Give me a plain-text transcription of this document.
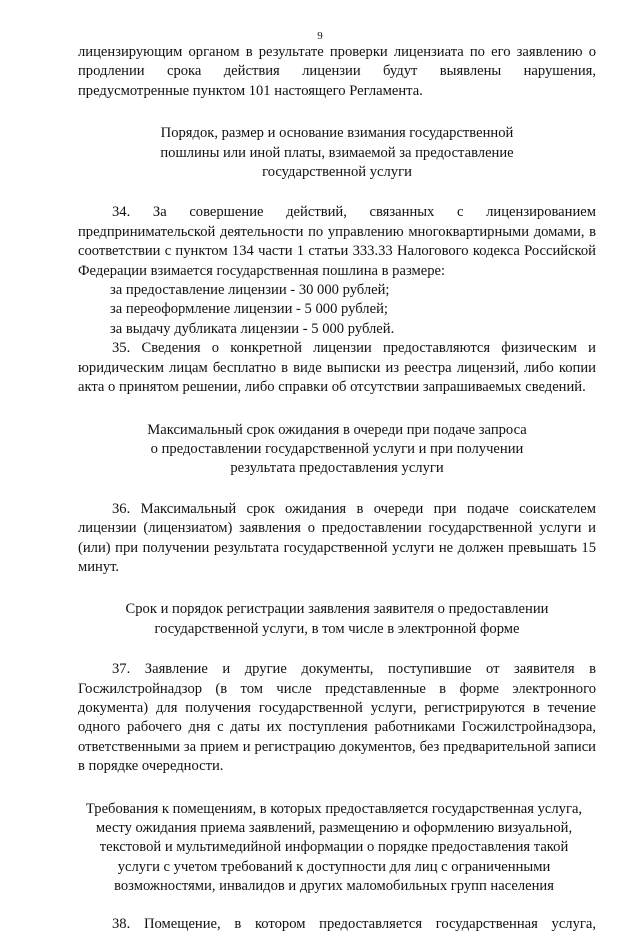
9

лицензирующим органом в результате проверки лицензиата по его заявлению о продлении срока действия лицензии будут выявлены нарушения, предусмотренные пунктом 101 настоящего Регламента.

Порядок, размер и основание взимания государственной

пошлины или иной платы, взимаемой за предоставление

государственной услуги

34. За совершение действий, связанных с лицензированием предпринимательской деятельности по управлению многоквартирными домами, в соответствии с пунктом 134 части 1 статьи 333.33 Налогового кодекса Российской Федерации взимается государственная пошлина в размере:

за предоставление лицензии - 30 000 рублей;

за переоформление лицензии - 5 000 рублей;

за выдачу дубликата лицензии - 5 000 рублей.

35. Сведения о конкретной лицензии предоставляются физическим и юридическим лицам бесплатно в виде выписки из реестра лицензий, либо копии акта о принятом решении, либо справки об отсутствии запрашиваемых сведений.

Максимальный срок ожидания в очереди при подаче запроса

о предоставлении государственной услуги и при получении

результата предоставления услуги

36. Максимальный срок ожидания в очереди при подаче соискателем лицензии (лицензиатом) заявления о предоставлении государственной услуги и (или) при получении результата государственной услуги не должен превышать 15 минут.

Срок и порядок регистрации заявления заявителя о предоставлении

государственной услуги, в том числе в электронной форме

37. Заявление и другие документы, поступившие от заявителя в Госжилстройнадзор (в том числе представленные в форме электронного документа) для получения государственной услуги, регистрируются в течение одного рабочего дня с даты их поступления работниками Госжилстройнадзора, ответственными за прием и регистрацию документов, без предварительной записи в порядке очередности.

Требования к помещениям, в которых предоставляется государственная услуга,

месту ожидания приема заявлений, размещению и оформлению визуальной,

текстовой и мультимедийной информации о порядке предоставления такой

услуги с учетом требований к доступности для лиц с ограниченными

возможностями, инвалидов и других маломобильных групп населения

38. Помещение, в котором предоставляется государственная услуга,
